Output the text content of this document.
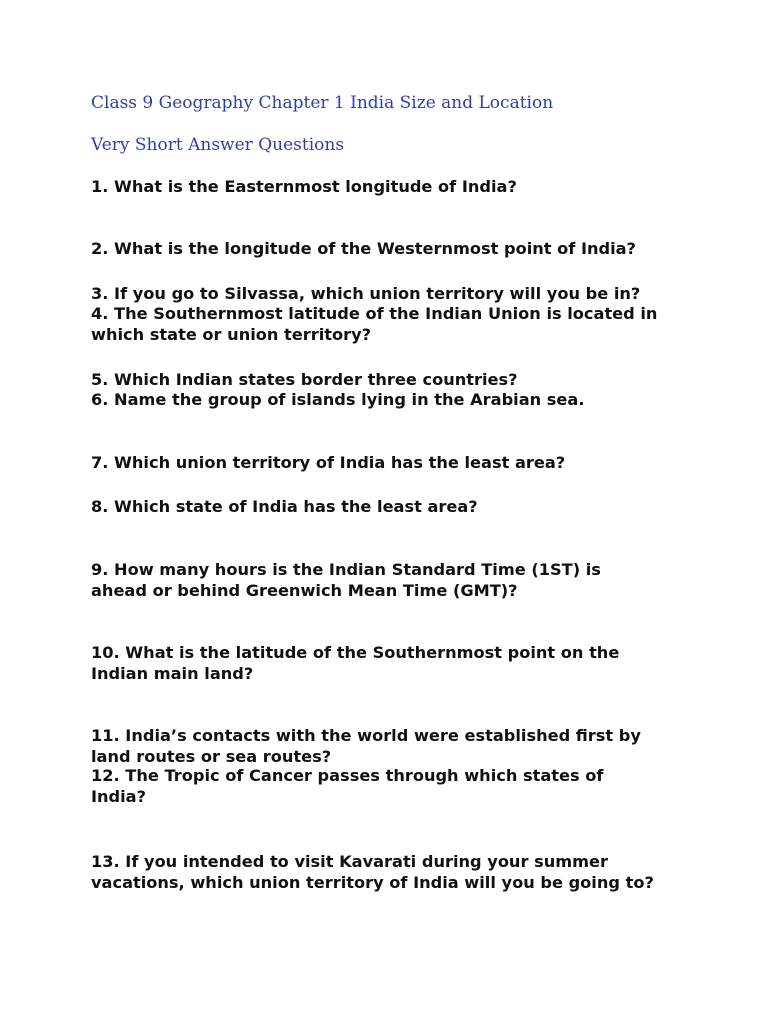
Class 9 Geography Chapter 1 India Size and Location
Very Short Answer Questions

1. What is the Easternmost longitude of India?

2. What is the longitude of the Westernmost point of India?

3. If you go to Silvassa, which union territory will you be in?

4. The Southernmost latitude of the Indian Union is located in which state or union territory?

5. Which Indian states border three countries?

6. Name the group of islands lying in the Arabian sea.

7. Which union territory of India has the least area?

8. Which state of India has the least area?

9. How many hours is the Indian Standard Time (1ST) is ahead or behind Greenwich Mean Time (GMT)?

10. What is the latitude of the Southernmost point on the Indian main land?

11. India’s contacts with the world were established first by land routes or sea routes?

12. The Tropic of Cancer passes through which states of India?

13. If you intended to visit Kavarati during your summer vacations, which union territory of India will you be going to?
